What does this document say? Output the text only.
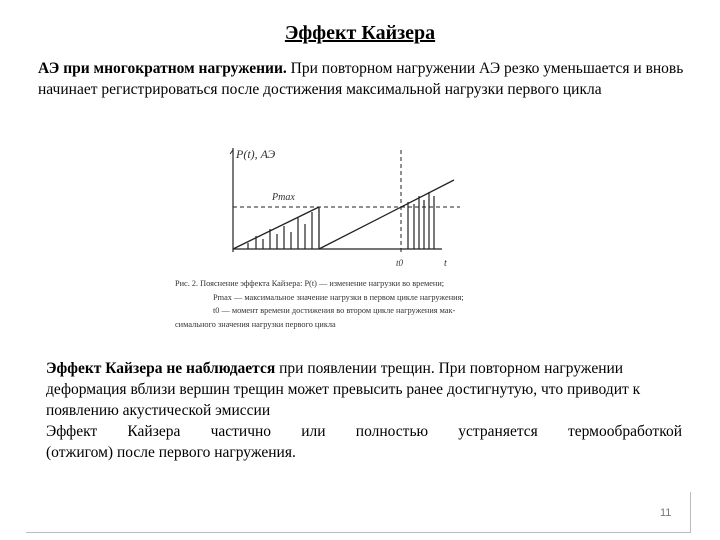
Эффект Кайзера
АЭ при многократном нагружении. При повторном нагружении АЭ резко уменьшается и вновь начинает регистрироваться после достижения максимальной нагрузки первого цикла
P(t), АЭ
Pmax
t
t0
Рис. 2. Пояснение эффекта Кайзера: P(t) — изменение нагрузки во времени;
Pmax — максимальное значение нагрузки в первом цикле нагружения;
t0 — момент времени достижения во втором цикле нагружения мак-
симального значения нагрузки первого цикла
Эффект Кайзера не наблюдается при появлении трещин. При повторном нагружении деформация вблизи вершин трещин может превысить ранее достигнутую, что приводит к появлению акустической эмиссии
Эффект Кайзера частично или полностью устраняется термообработкой
(отжигом) после первого нагружения.
11
